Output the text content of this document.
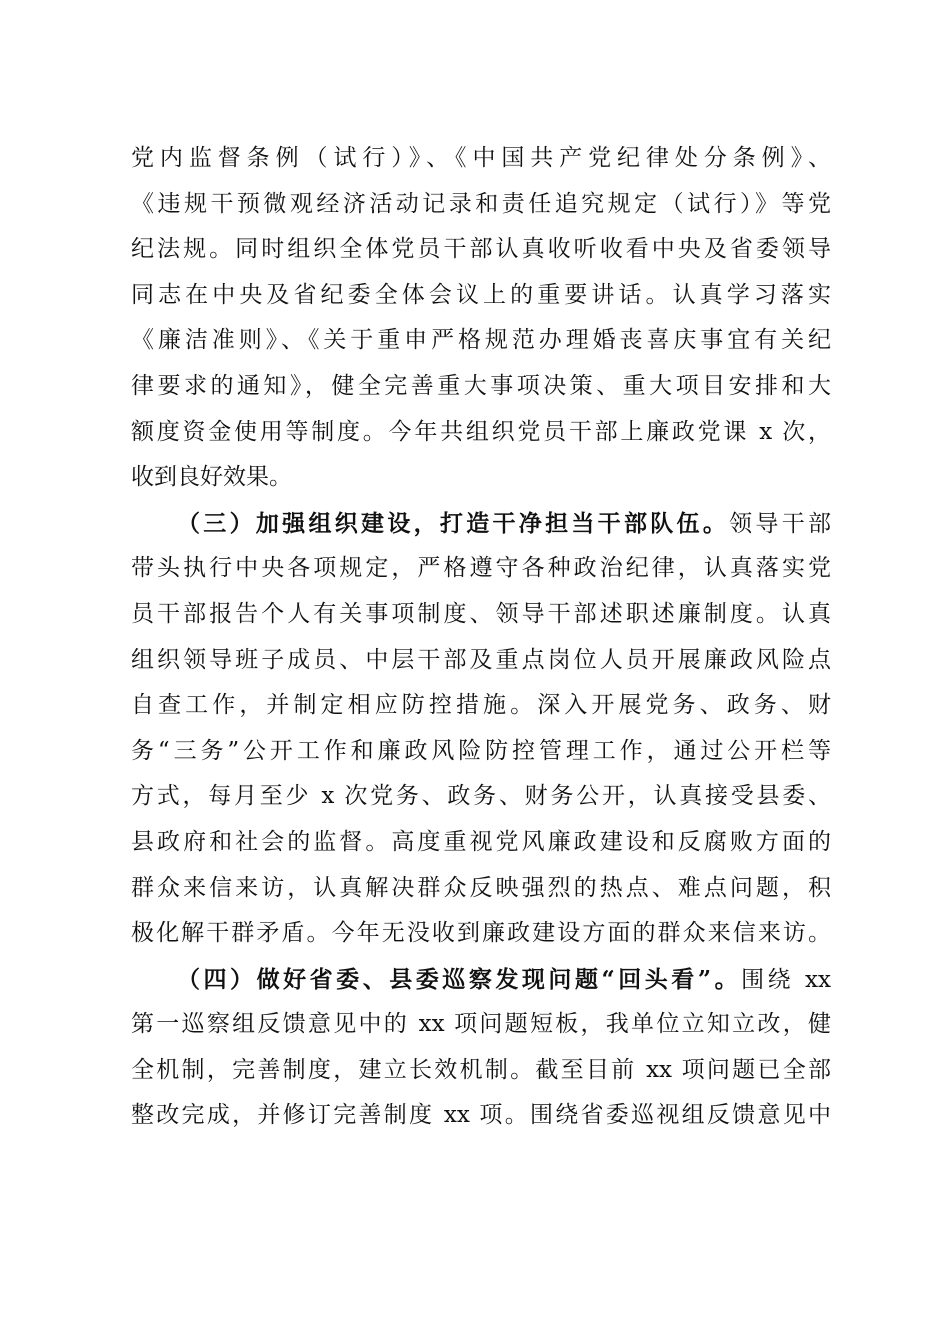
党内监督条例（试行）》、《中国共产党纪律处分条例》、
《违规干预微观经济活动记录和责任追究规定（试行）》等党
纪法规。同时组织全体党员干部认真收听收看中央及省委领导
同志在中央及省纪委全体会议上的重要讲话。认真学习落实
《廉洁准则》、《关于重申严格规范办理婚丧喜庆事宜有关纪
律要求的通知》，健全完善重大事项决策、重大项目安排和大
额度资金使用等制度。今年共组织党员干部上廉政党课 x 次，
收到良好效果。
（三）加强组织建设，打造干净担当干部队伍。领导干部
带头执行中央各项规定，严格遵守各种政治纪律，认真落实党
员干部报告个人有关事项制度、领导干部述职述廉制度。认真
组织领导班子成员、中层干部及重点岗位人员开展廉政风险点
自查工作，并制定相应防控措施。深入开展党务、政务、财
务“三务”公开工作和廉政风险防控管理工作，通过公开栏等
方式，每月至少 x 次党务、政务、财务公开，认真接受县委、
县政府和社会的监督。高度重视党风廉政建设和反腐败方面的
群众来信来访，认真解决群众反映强烈的热点、难点问题，积
极化解干群矛盾。今年无没收到廉政建设方面的群众来信来访。
（四）做好省委、县委巡察发现问题“回头看”。围绕 xx
第一巡察组反馈意见中的 xx 项问题短板，我单位立知立改，健
全机制，完善制度，建立长效机制。截至目前 xx 项问题已全部
整改完成，并修订完善制度 xx 项。围绕省委巡视组反馈意见中
